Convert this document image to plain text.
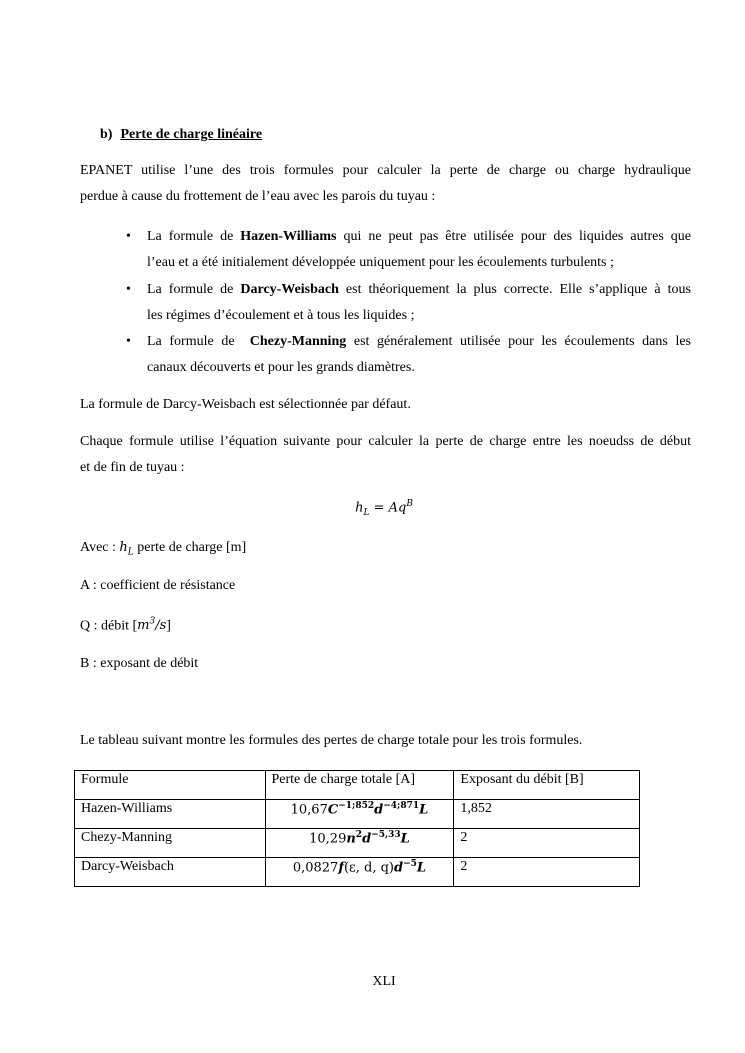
b) Perte de charge linéaire

EPANET utilise l’une des trois formules pour calculer la perte de charge ou charge hydraulique

perdue à cause du frottement de l’eau avec les parois du tuyau :

• La formule de Hazen-Williams qui ne peut pas être utilisée pour des liquides autres que

l’eau et a été initialement développée uniquement pour les écoulements turbulents ;

• La formule de Darcy-Weisbach est théoriquement la plus correcte. Elle s’applique à tous

les régimes d’écoulement et à tous les liquides ;

• La formule de  Chezy-Manning est généralement utilisée pour les écoulements dans les

canaux découverts et pour les grands diamètres.

La formule de Darcy-Weisbach est sélectionnée par défaut.

Chaque formule utilise l’équation suivante pour calculer la perte de charge entre les noeudss de début

et de fin de tuyau :

$h_L = Aq^B$

Avec : $h_L$ perte de charge [m]

A : coefficient de résistance

Q : débit $[m^3/s]$

B : exposant de débit

Le tableau suivant montre les formules des pertes de charge totale pour les trois formules.

Formule	Perte de charge totale [A]	Exposant du débit [B]
Hazen-Williams	$10,67C^{-1;852}d^{-4;871}L$	1,852
Chezy-Manning	$10,29n^2d^{-5,33}L$	2
Darcy-Weisbach	0,0827f(ε, d, $q)d^{-5}L$	2

XLI
